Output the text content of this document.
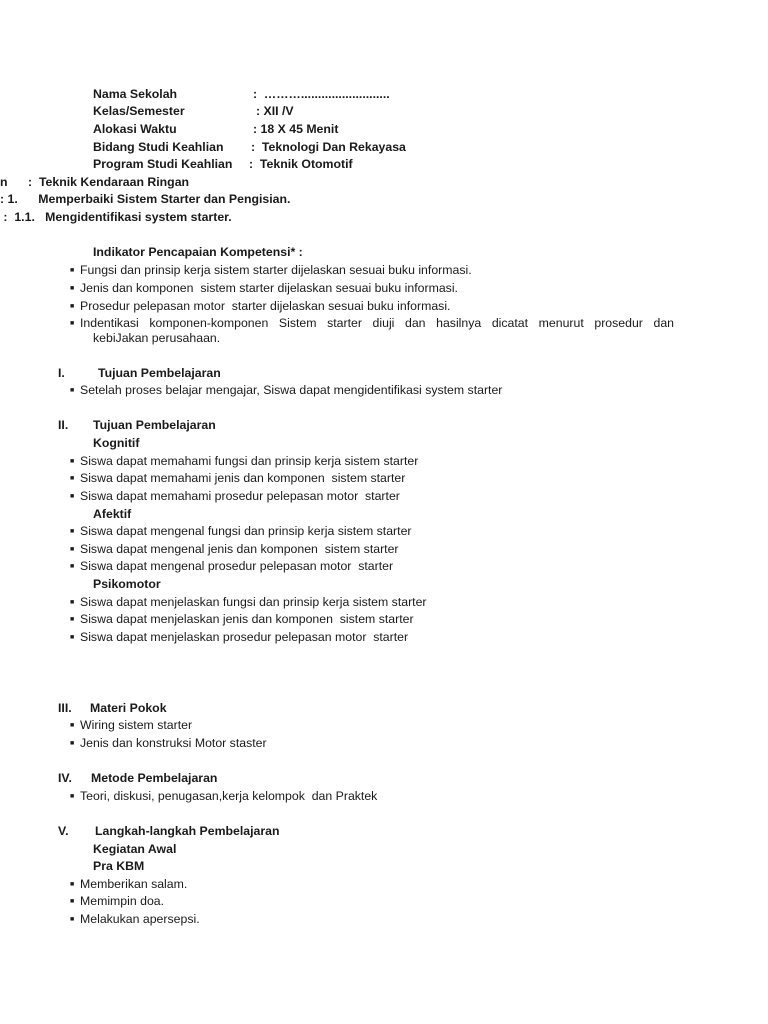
Nama Sekolah	:  ………..........................
Kelas/Semester	: XII /V
Alokasi Waktu	: 18 X 45 Menit
Bidang Studi Keahlian :  Teknologi Dan Rekayasa
Program Studi Keahlian :  Teknik Otomotif
n      :  Teknik Kendaraan Ringan
: 1.      Memperbaiki Sistem Starter dan Pengisian.
:  1.1.   Mengidentifikasi system starter.
Indikator Pencapaian Kompetensi* :
■ Fungsi dan prinsip kerja sistem starter dijelaskan sesuai buku informasi.
■ Jenis dan komponen  sistem starter dijelaskan sesuai buku informasi.
■ Prosedur pelepasan motor  starter dijelaskan sesuai buku informasi.
■ Indentikasi komponen-komponen Sistem starter diuji dan hasilnya dicatat menurut prosedur dan
kebiJakan perusahaan.
I.	Tujuan Pembelajaran
■ Setelah proses belajar mengajar, Siswa dapat mengidentifikasi system starter
II. Tujuan Pembelajaran
Kognitif
■ Siswa dapat memahami fungsi dan prinsip kerja sistem starter
■ Siswa dapat memahami jenis dan komponen  sistem starter
■ Siswa dapat memahami prosedur pelepasan motor  starter
Afektif
■ Siswa dapat mengenal fungsi dan prinsip kerja sistem starter
■ Siswa dapat mengenal jenis dan komponen  sistem starter
■ Siswa dapat mengenal prosedur pelepasan motor  starter
Psikomotor
■ Siswa dapat menjelaskan fungsi dan prinsip kerja sistem starter
■ Siswa dapat menjelaskan jenis dan komponen  sistem starter
■ Siswa dapat menjelaskan prosedur pelepasan motor  starter
III. Materi Pokok
■ Wiring sistem starter
■ Jenis dan konstruksi Motor staster
IV. Metode Pembelajaran
■ Teori, diskusi, penugasan,kerja kelompok  dan Praktek
V. Langkah-langkah Pembelajaran
Kegiatan Awal
Pra KBM
■ Memberikan salam.
■ Memimpin doa.
■ Melakukan apersepsi.
